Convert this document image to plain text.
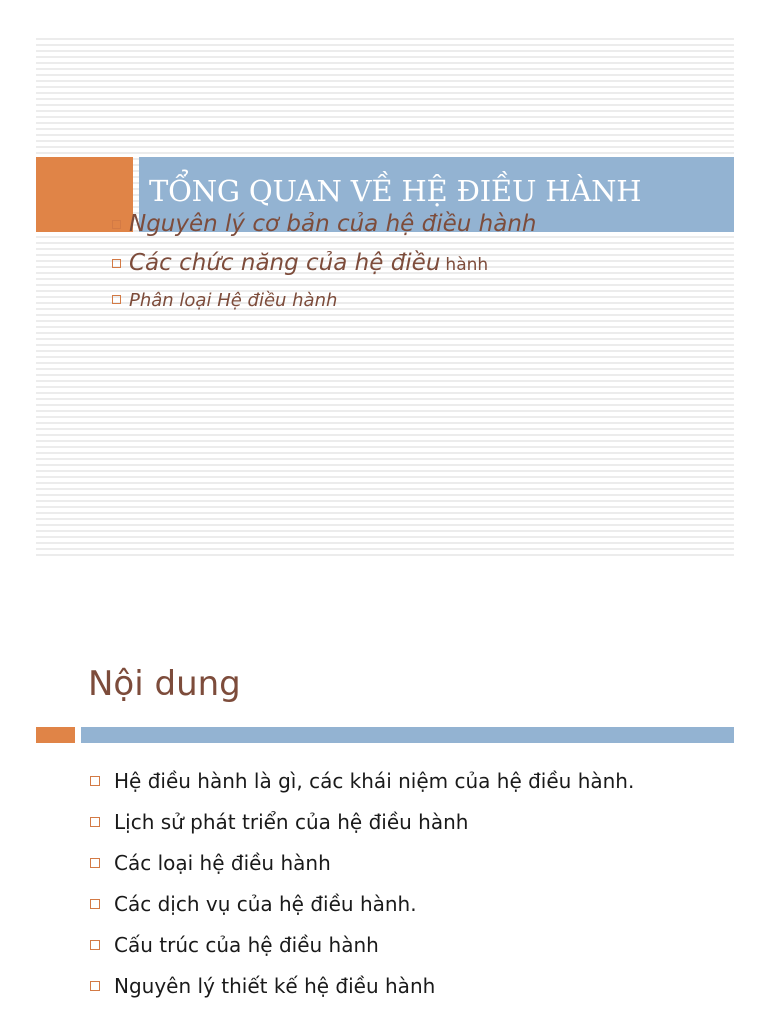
TỔNG QUAN VỀ HỆ ĐIỀU HÀNH
Nguyên lý cơ bản của hệ điều hành
Các chức năng của hệ điều hành
Phân loại Hệ điều hành
Nội dung
Hệ điều hành là gì, các khái niệm của hệ điều hành.
Lịch sử phát triển của hệ điều hành
Các loại hệ điều hành
Các dịch vụ của hệ điều hành.
Cấu trúc của hệ điều hành
Nguyên lý thiết kế hệ điều hành
